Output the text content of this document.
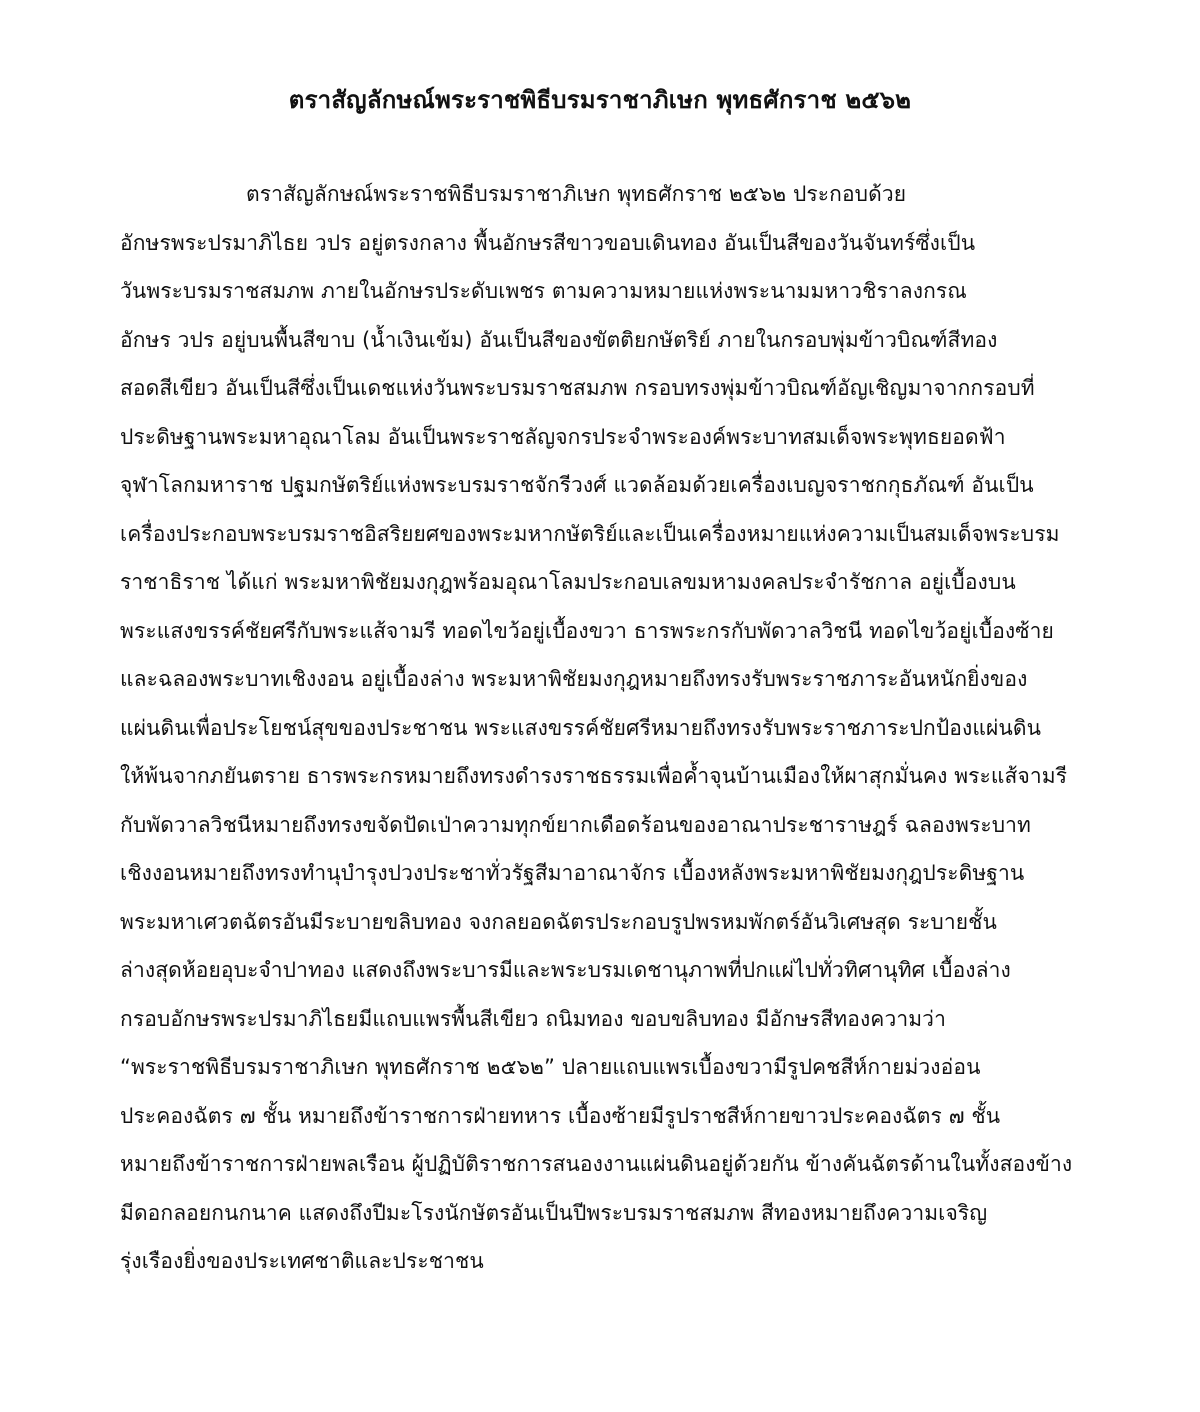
ตราสัญลักษณ์พระราชพิธีบรมราชาภิเษก พุทธศักราช ๒๕๖๒
ตราสัญลักษณ์พระราชพิธีบรมราชาภิเษก พุทธศักราช ๒๕๖๒ ประกอบด้วย
อักษรพระปรมาภิไธย วปร อยู่ตรงกลาง พื้นอักษรสีขาวขอบเดินทอง อันเป็นสีของวันจันทร์ซึ่งเป็น
วันพระบรมราชสมภพ ภายในอักษรประดับเพชร ตามความหมายแห่งพระนามมหาวชิราลงกรณ
อักษร วปร อยู่บนพื้นสีขาบ (น้ำเงินเข้ม) อันเป็นสีของขัตติยกษัตริย์ ภายในกรอบพุ่มข้าวบิณฑ์สีทอง
สอดสีเขียว อันเป็นสีซึ่งเป็นเดชแห่งวันพระบรมราชสมภพ กรอบทรงพุ่มข้าวบิณฑ์อัญเชิญมาจากกรอบที่
ประดิษฐานพระมหาอุณาโลม อันเป็นพระราชลัญจกรประจำพระองค์พระบาทสมเด็จพระพุทธยอดฟ้า
จุฬาโลกมหาราช ปฐมกษัตริย์แห่งพระบรมราชจักรีวงศ์ แวดล้อมด้วยเครื่องเบญจราชกกุธภัณฑ์ อันเป็น
เครื่องประกอบพระบรมราชอิสริยยศของพระมหากษัตริย์และเป็นเครื่องหมายแห่งความเป็นสมเด็จพระบรม
ราชาธิราช ได้แก่ พระมหาพิชัยมงกุฎพร้อมอุณาโลมประกอบเลขมหามงคลประจำรัชกาล อยู่เบื้องบน
พระแสงขรรค์ชัยศรีกับพระแส้จามรี ทอดไขว้อยู่เบื้องขวา ธารพระกรกับพัดวาลวิชนี ทอดไขว้อยู่เบื้องซ้าย
และฉลองพระบาทเชิงงอน อยู่เบื้องล่าง พระมหาพิชัยมงกุฎหมายถึงทรงรับพระราชภาระอันหนักยิ่งของ
แผ่นดินเพื่อประโยชน์สุขของประชาชน พระแสงขรรค์ชัยศรีหมายถึงทรงรับพระราชภาระปกป้องแผ่นดิน
ให้พ้นจากภยันตราย ธารพระกรหมายถึงทรงดำรงราชธรรมเพื่อค้ำจุนบ้านเมืองให้ผาสุกมั่นคง พระแส้จามรี
กับพัดวาลวิชนีหมายถึงทรงขจัดปัดเป่าความทุกข์ยากเดือดร้อนของอาณาประชาราษฎร์ ฉลองพระบาท
เชิงงอนหมายถึงทรงทำนุบำรุงปวงประชาทั่วรัฐสีมาอาณาจักร เบื้องหลังพระมหาพิชัยมงกุฎประดิษฐาน
พระมหาเศวตฉัตรอันมีระบายขลิบทอง จงกลยอดฉัตรประกอบรูปพรหมพักตร์อันวิเศษสุด ระบายชั้น
ล่างสุดห้อยอุบะจำปาทอง แสดงถึงพระบารมีและพระบรมเดชานุภาพที่ปกแผ่ไปทั่วทิศานุทิศ เบื้องล่าง
กรอบอักษรพระปรมาภิไธยมีแถบแพรพื้นสีเขียว ถนิมทอง ขอบขลิบทอง มีอักษรสีทองความว่า
“พระราชพิธีบรมราชาภิเษก พุทธศักราช ๒๕๖๒” ปลายแถบแพรเบื้องขวามีรูปคชสีห์กายม่วงอ่อน
ประคองฉัตร ๗ ชั้น หมายถึงข้าราชการฝ่ายทหาร เบื้องซ้ายมีรูปราชสีห์กายขาวประคองฉัตร ๗ ชั้น
หมายถึงข้าราชการฝ่ายพลเรือน ผู้ปฏิบัติราชการสนองงานแผ่นดินอยู่ด้วยกัน ข้างคันฉัตรด้านในทั้งสองข้าง
มีดอกลอยกนกนาค แสดงถึงปีมะโรงนักษัตรอันเป็นปีพระบรมราชสมภพ สีทองหมายถึงความเจริญ
รุ่งเรืองยิ่งของประเทศชาติและประชาชน
